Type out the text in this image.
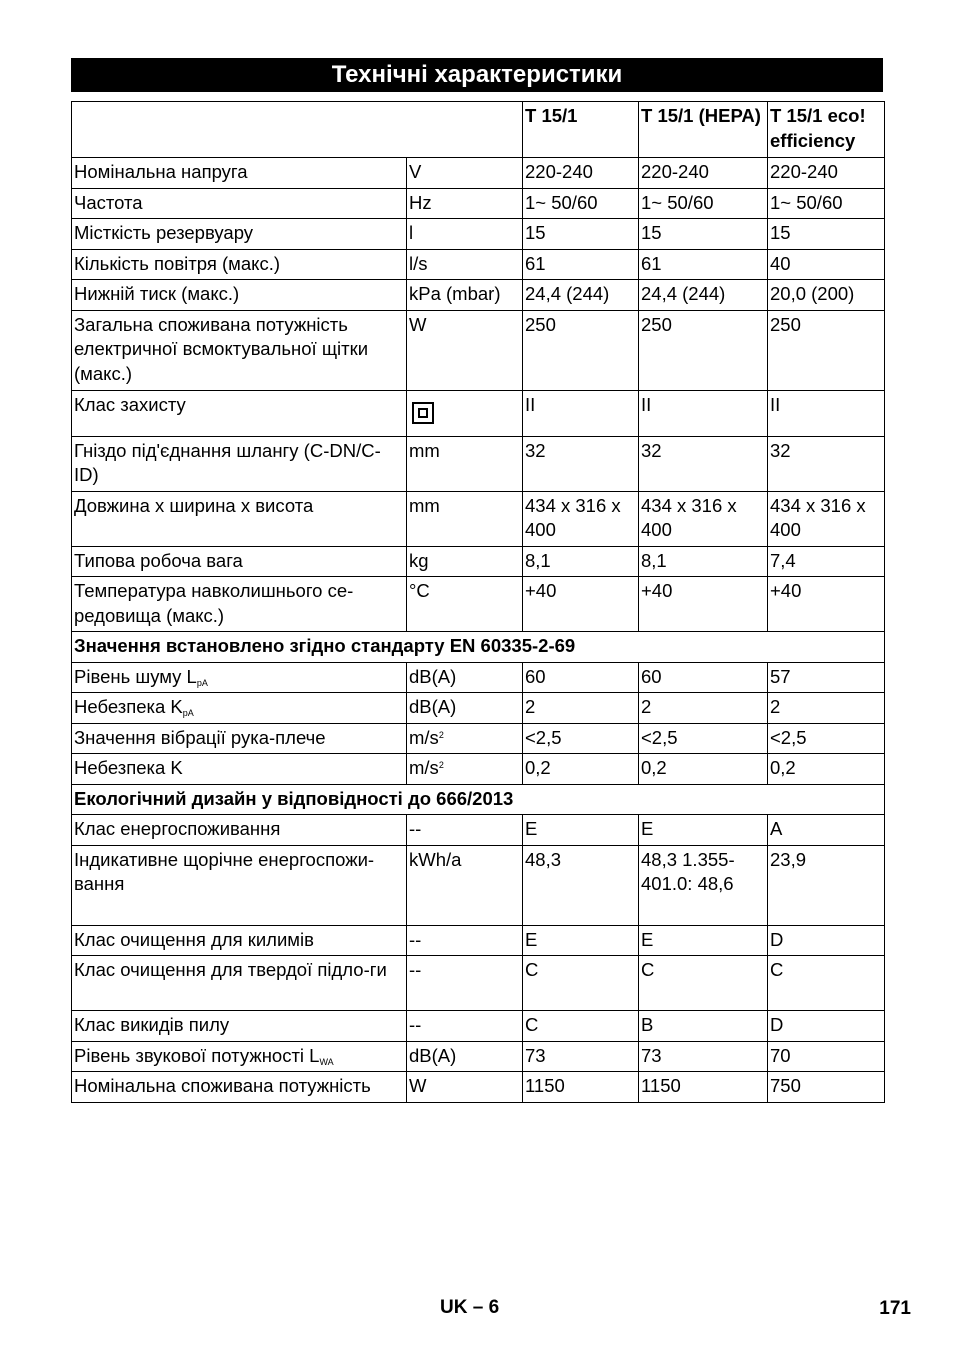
Технічні характеристики
		T 15/1	T 15/1 (HEPA)	T 15/1 eco! efficiency
Номінальна напруга	V	220-240	220-240	220-240
Частота	Hz	1~ 50/60	1~ 50/60	1~ 50/60
Місткість резервуару	l	15	15	15
Кількість повітря (макс.)	l/s	61	61	40
Нижній тиск (макс.)	kPa (mbar)	24,4 (244)	24,4 (244)	20,0 (200)
Загальна споживана потужність електричної всмоктувальної щітки (макс.)	W	250	250	250
Клас захисту		II	II	II
Гніздо під'єднання шлангу (C-DN/C-ID)	mm	32	32	32
Довжина x ширина x висота	mm	434 x 316 x 400	434 x 316 x 400	434 x 316 x 400
Типова робоча вага	kg	8,1	8,1	7,4
Температура навколишнього се-редовища (макс.)	°C	+40	+40	+40
Значення встановлено згідно стандарту EN 60335-2-69				
Рівень шуму $L_{pA}$	dB(A)	60	60	57
Небезпека $K_{pA}$	dB(A)	2	2	2
Значення вібрації рука-плече	$m/s^2$	<2,5	<2,5	<2,5
Небезпека K	$m/s^2$	0,2	0,2	0,2
Екологічний дизайн у відповідності до 666/2013				
Клас енергоспоживання	--	E	E	A
Індикативне щорічне енергоспожи-вання	kWh/a	48,3	48,3 1.355-401.0: 48,6	23,9
Клас очищення для килимів	--	E	E	D
Клас очищення для твердої підло-ги	--	C	C	C
Клас викидів пилу	--	C	B	D
Рівень звукової потужності $L_{WA}$	dB(A)	73	73	70
Номінальна споживана потужність	W	1150	1150	750
UK – 6	171
